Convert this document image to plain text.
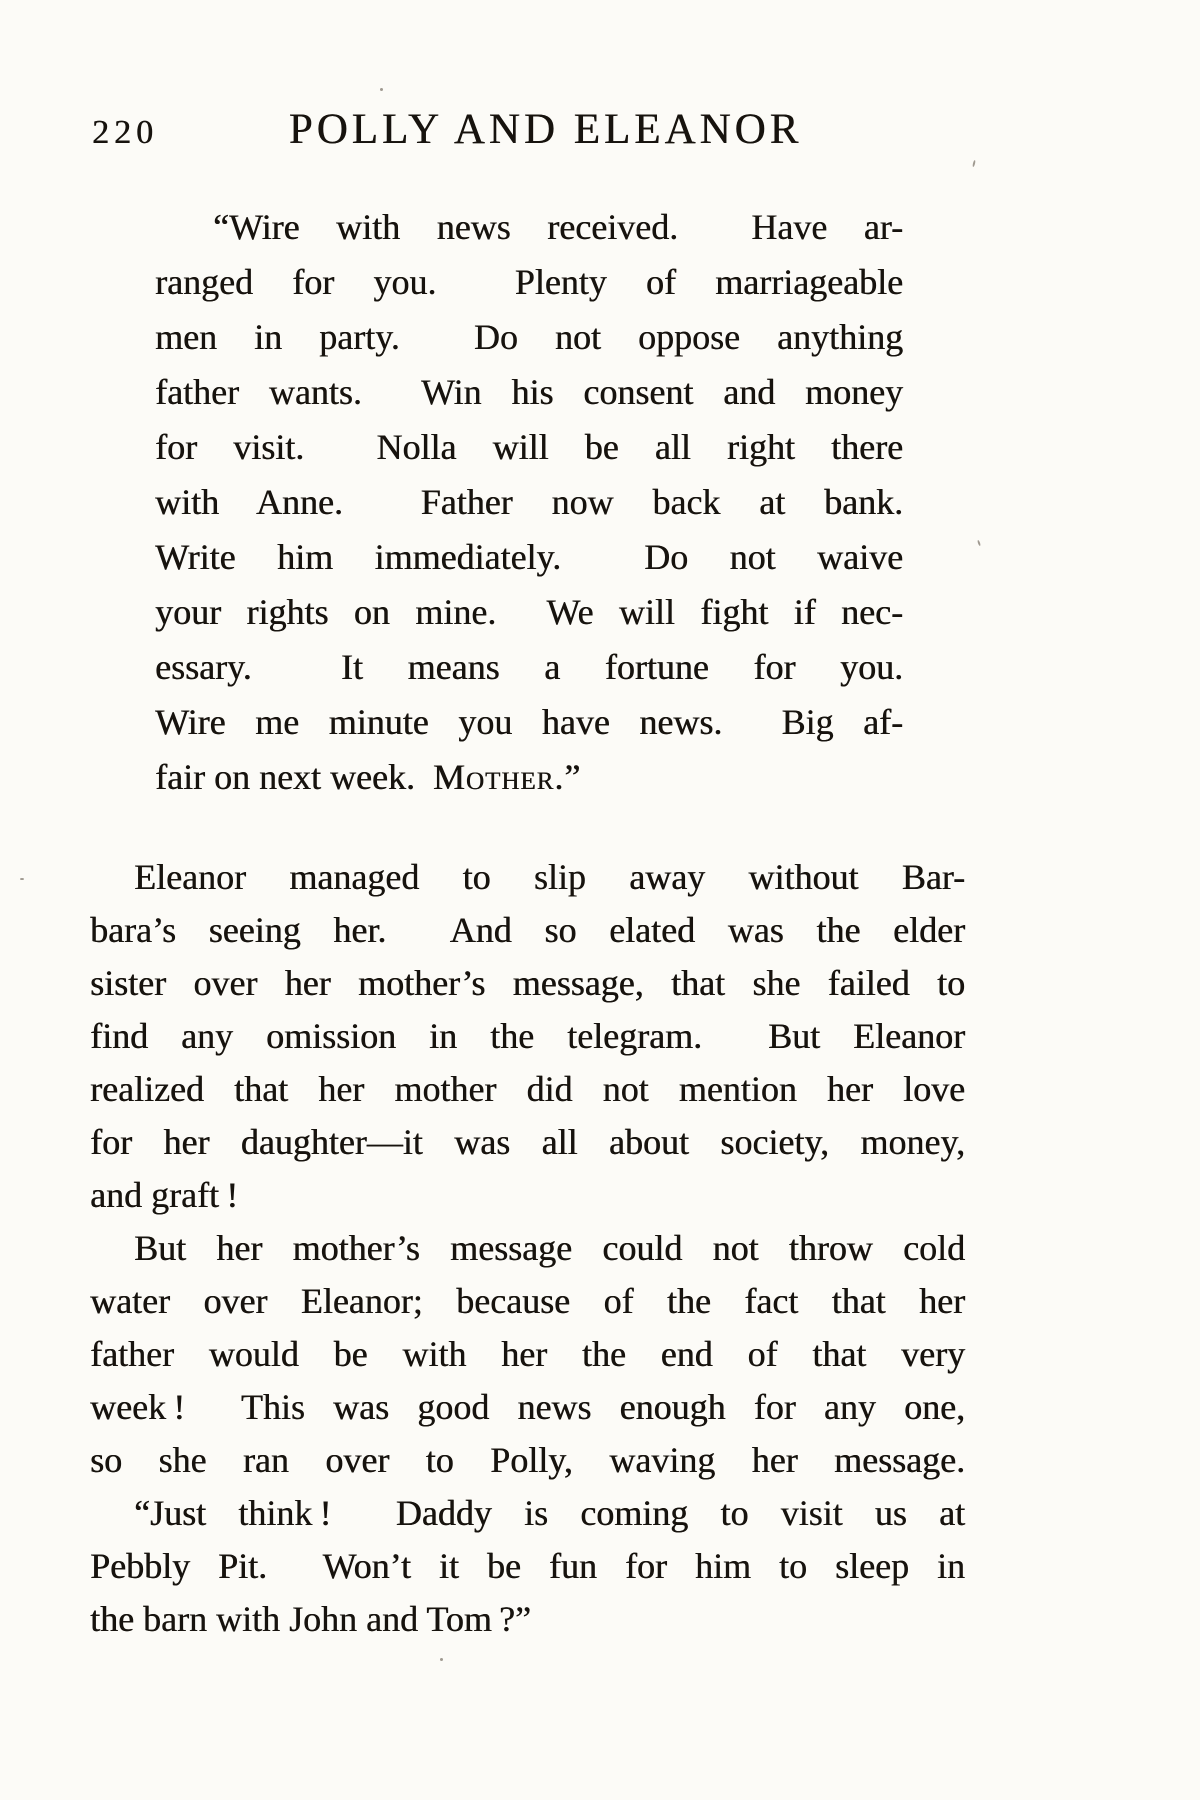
220	POLLY AND ELEANOR
“Wire with news received.  Have ar-
ranged for you.  Plenty of marriageable
men in party.  Do not oppose anything
father wants.  Win his consent and money
for visit.  Nolla will be all right there
with Anne.  Father now back at bank.
Write him immediately.  Do not waive
your rights on mine.  We will fight if nec-
essary.  It means a fortune for you.
Wire me minute you have news.  Big af-
fair on next week.  Mother.”
Eleanor managed to slip away without Bar-
bara’s seeing her.  And so elated was the elder
sister over her mother’s message, that she failed to
find any omission in the telegram.  But Eleanor
realized that her mother did not mention her love
for her daughter—it was all about society, money,
and graft !
But her mother’s message could not throw cold
water over Eleanor; because of the fact that her
father would be with her the end of that very
week !  This was good news enough for any one,
so she ran over to Polly, waving her message.
“Just think !  Daddy is coming to visit us at
Pebbly Pit.  Won’t it be fun for him to sleep in
the barn with John and Tom ?”
